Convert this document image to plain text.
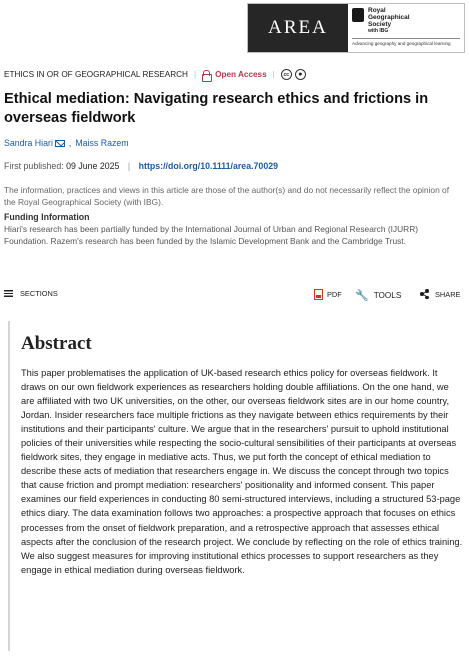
AREA
Royal
Geographical
Society
with IBG
Advancing geography and geographical learning
ETHICS IN OR OF GEOGRAPHICAL RESEARCH | Open Access |	cc	●
Ethical mediation: Navigating research ethics and frictions in overseas fieldwork
Sandra Hiari , Maiss Razem
First published: 09 June 2025 | https://doi.org/10.1111/area.70029

The information, practices and views in this article are those of the author(s) and do not necessarily reflect the opinion of the Royal Geographical Society (with IBG).

Funding Information

Hiari's research has been partially funded by the International Journal of Urban and Regional Research (IJURR) Foundation. Razem's research has been funded by the Islamic Development Bank and the Cambridge Trust.

SECTIONS	PDF 🔧 TOOLS	SHARE
Abstract

This paper problematises the application of UK-based research ethics policy for overseas fieldwork. It draws on our own fieldwork experiences as researchers holding double affiliations. On the one hand, we are affiliated with two UK universities, on the other, our overseas fieldwork sites are in our home country, Jordan. Insider researchers face multiple frictions as they navigate between ethics requirements by their institutions and their participants' culture. We argue that in the researchers' pursuit to uphold institutional policies of their universities while respecting the socio-cultural sensibilities of their participants at overseas fieldwork sites, they engage in mediative acts. Thus, we put forth the concept of ethical mediation to describe these acts of mediation that researchers engage in. We discuss the concept through two topics that cause friction and prompt mediation: researchers' positionality and informed consent. This paper examines our field experiences in conducting 80 semi-structured interviews, including a structured 53-page ethics diary. The data examination follows two approaches: a prospective approach that focuses on ethics processes from the onset of fieldwork preparation, and a retrospective approach that assesses ethical aspects after the conclusion of the research project. We conclude by reflecting on the role of ethics training. We also suggest measures for improving institutional ethics processes to support researchers as they engage in ethical mediation during overseas fieldwork.
